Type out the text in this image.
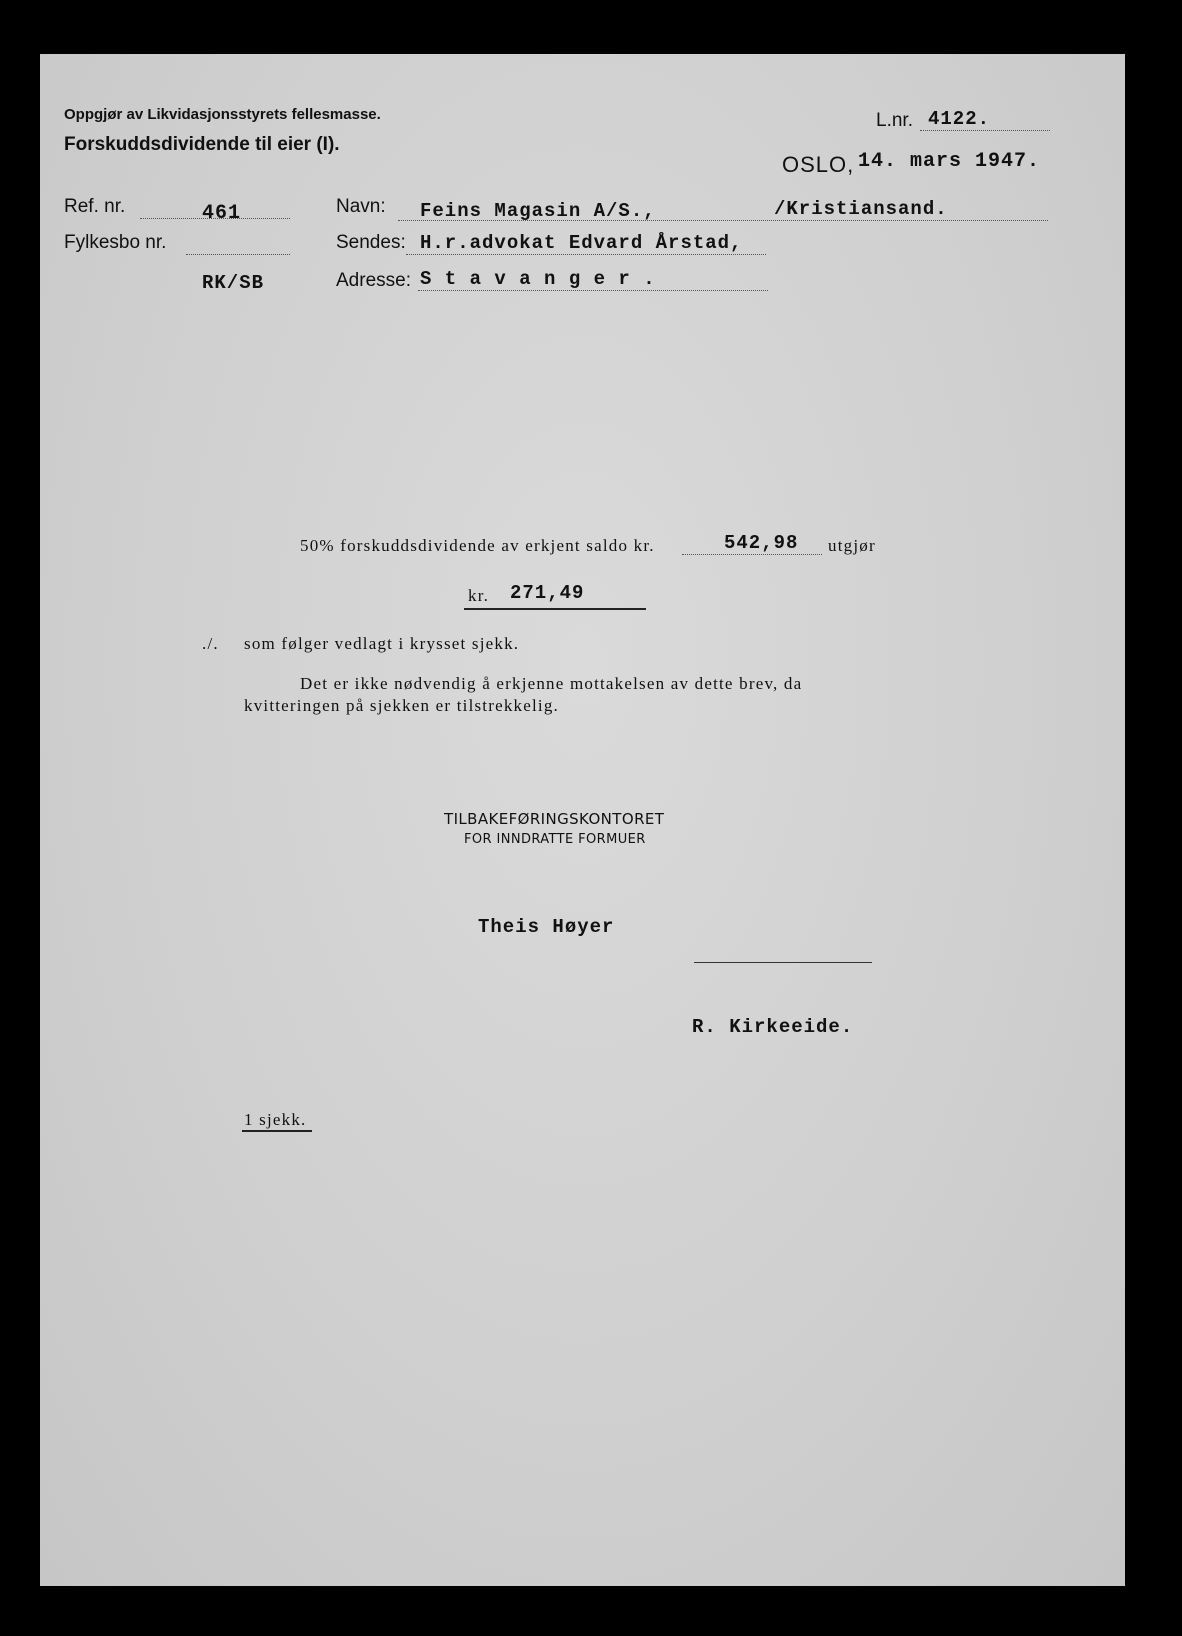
Oppgjør av Likvidasjonsstyrets fellesmasse.
Forskuddsdividende til eier (I).
L.nr. 4122.
OSLO, 14. mars 1947.
Ref. nr.	461
Fylkesbo nr.
RK/SB
Navn: Feins Magasin A/S.,	/Kristiansand.
Sendes: H.r.advokat Edvard Årstad,
Adresse: S t a v a n g e r .
50% forskuddsdividende av erkjent saldo kr.	542,98 utgjør
kr. 271,49
./. som følger vedlagt i krysset sjekk.
Det er ikke nødvendig å erkjenne mottakelsen av dette brev, da
kvitteringen på sjekken er tilstrekkelig.
TILBAKEFØRINGSKONTORET
FOR INNDRATTE FORMUER
Theis Høyer
R. Kirkeeide.
1 sjekk.
